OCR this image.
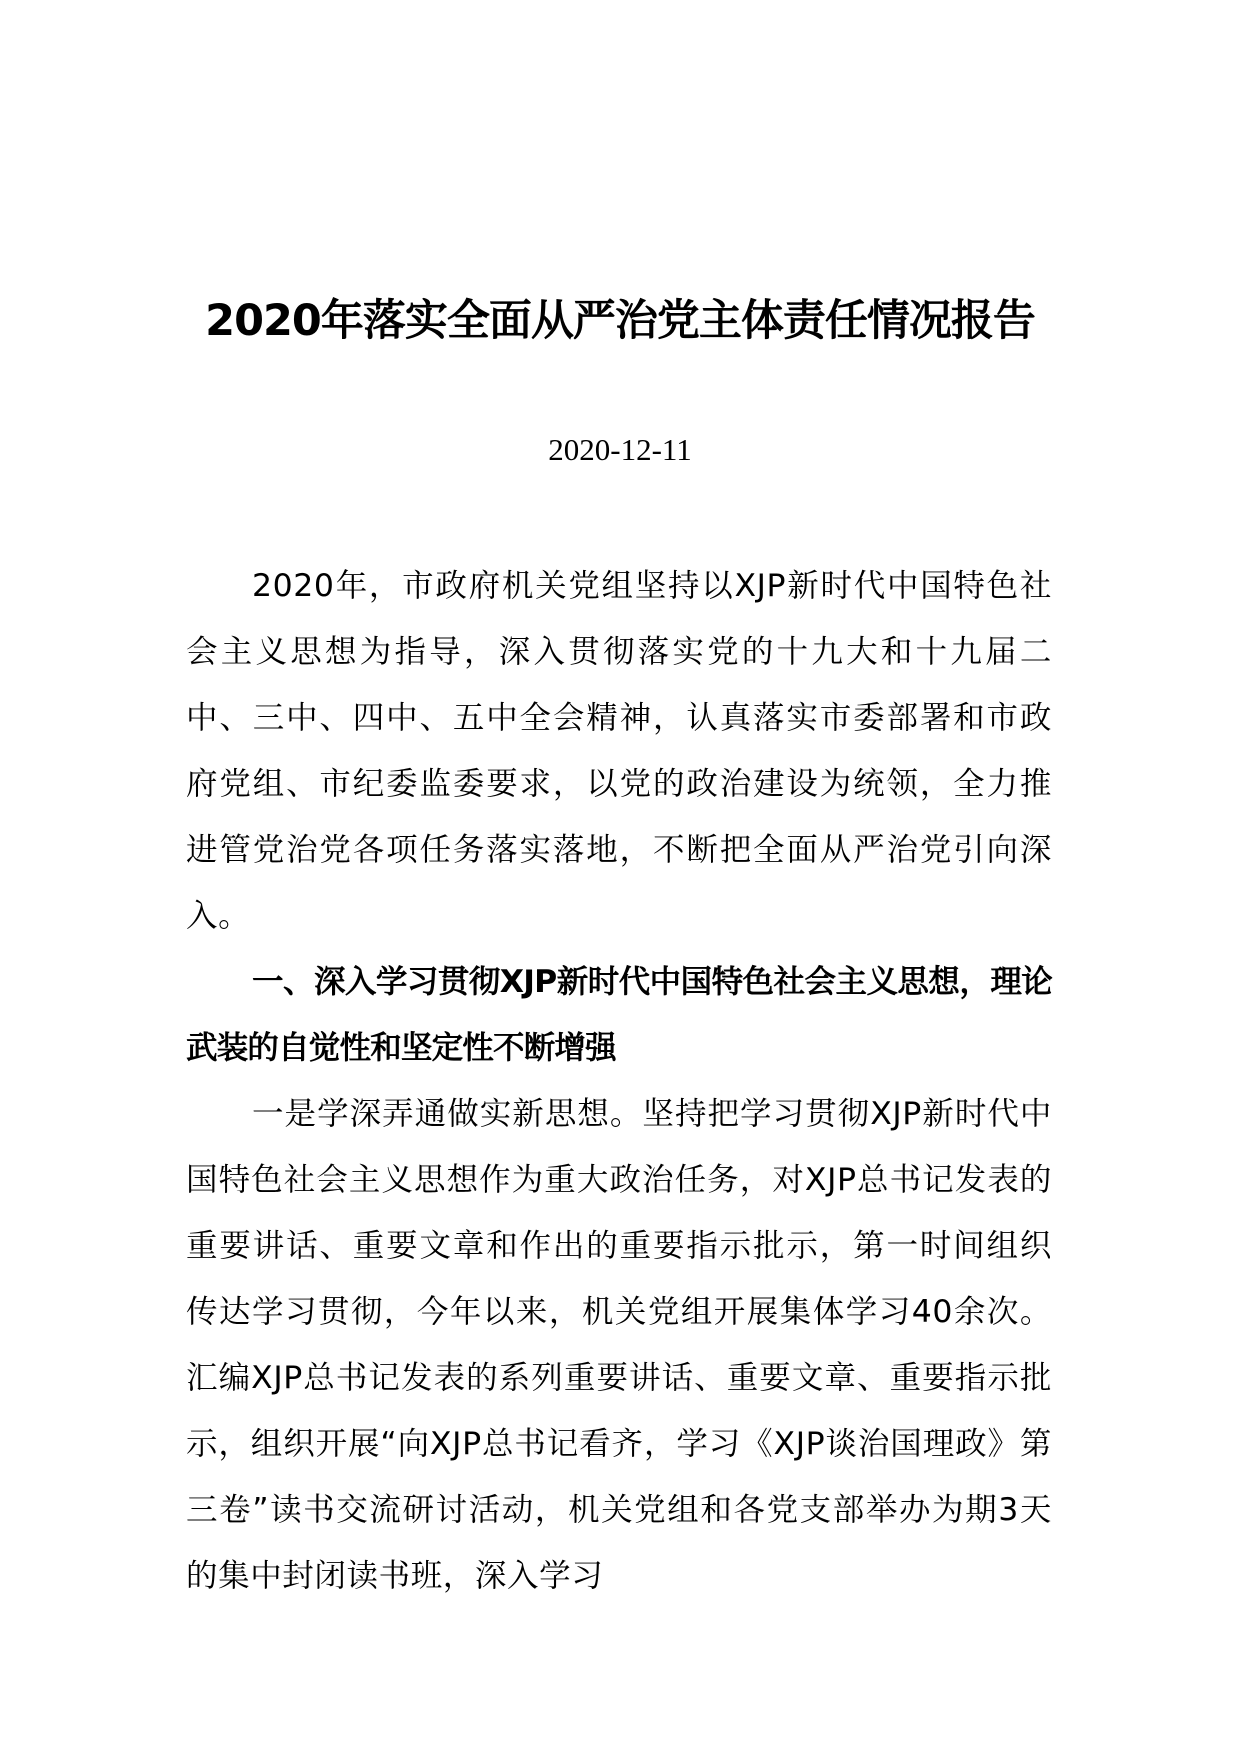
2020年落实全面从严治党主体责任情况报告

2020-12-11

2020年，市政府机关党组坚持以XJP新时代中国特色社会主义思想为指导，深入贯彻落实党的十九大和十九届二中、三中、四中、五中全会精神，认真落实市委部署和市政府党组、市纪委监委要求，以党的政治建设为统领，全力推进管党治党各项任务落实落地，不断把全面从严治党引向深入。

一、深入学习贯彻XJP新时代中国特色社会主义思想，理论武装的自觉性和坚定性不断增强

一是学深弄通做实新思想。坚持把学习贯彻XJP新时代中国特色社会主义思想作为重大政治任务，对XJP总书记发表的重要讲话、重要文章和作出的重要指示批示，第一时间组织传达学习贯彻，今年以来，机关党组开展集体学习40余次。汇编XJP总书记发表的系列重要讲话、重要文章、重要指示批示，组织开展“向XJP总书记看齐，学习《XJP谈治国理政》第三卷”读书交流研讨活动，机关党组和各党支部举办为期3天的集中封闭读书班，深入学习
